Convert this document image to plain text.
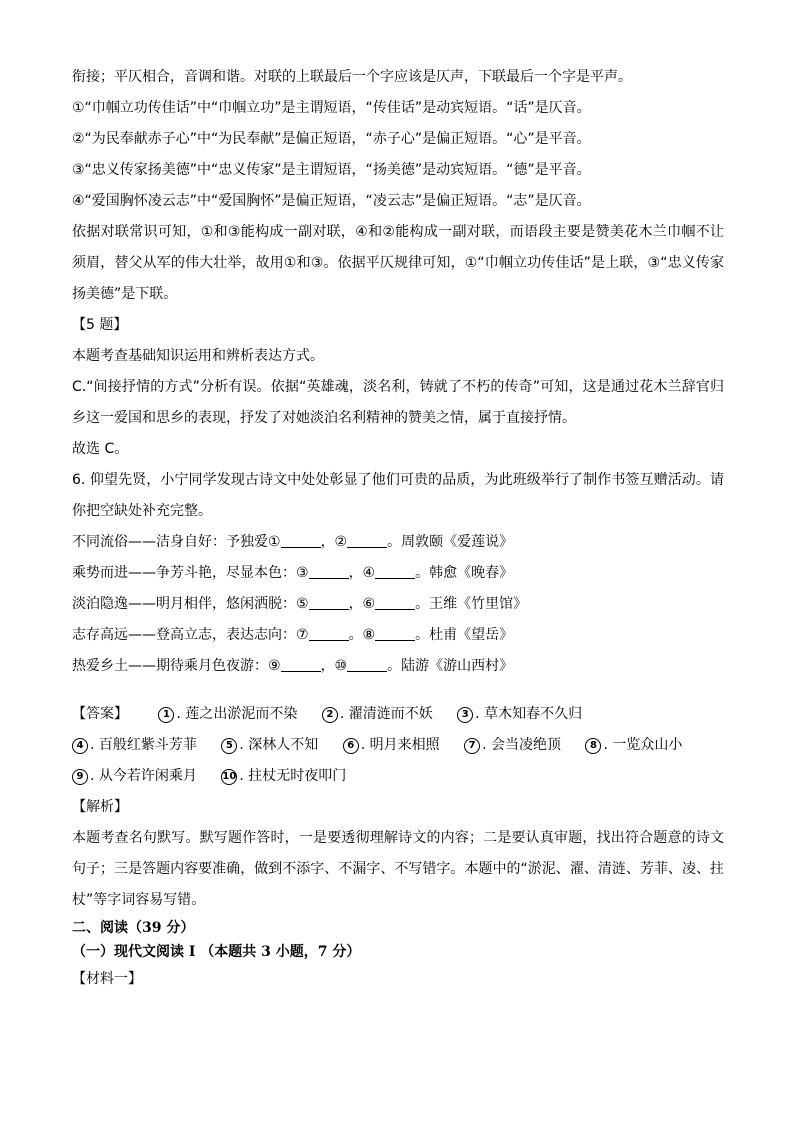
衔接；平仄相合，音调和谐。对联的上联最后一个字应该是仄声，下联最后一个字是平声。
①“巾帼立功传佳话”中“巾帼立功”是主谓短语，“传佳话”是动宾短语。“话”是仄音。
②“为民奉献赤子心”中“为民奉献”是偏正短语，“赤子心”是偏正短语。“心”是平音。
③“忠义传家扬美德”中“忠义传家”是主谓短语，“扬美德”是动宾短语。“德”是平音。
④“爱国胸怀凌云志”中“爱国胸怀”是偏正短语，“凌云志”是偏正短语。“志”是仄音。
依据对联常识可知，①和③能构成一副对联，④和②能构成一副对联，而语段主要是赞美花木兰巾帼不让须眉，替父从军的伟大壮举，故用①和③。依据平仄规律可知，①“巾帼立功传佳话”是上联，③“忠义传家扬美德”是下联。
【5 题】
本题考查基础知识运用和辨析表达方式。
C.“间接抒情的方式”分析有误。依据“英雄魂，淡名利，铸就了不朽的传奇”可知，这是通过花木兰辞官归乡这一爱国和思乡的表现，抒发了对她淡泊名利精神的赞美之情，属于直接抒情。
故选 C。
6. 仰望先贤，小宁同学发现古诗文中处处彰显了他们可贵的品质，为此班级举行了制作书签互赠活动。请你把空缺处补充完整。
不同流俗——洁身自好：予独爱①	，②	。周敦颐《爱莲说》
乘势而进——争芳斗艳，尽显本色：③	，④	。韩愈《晚春》
淡泊隐逸——明月相伴，悠闲洒脱：⑤	，⑥	。王维《竹里馆》
志存高远——登高立志，表达志向：⑦	。⑧	。杜甫《望岳》
热爱乡土——期待乘月色夜游：⑨	，⑩	。陆游《游山西村》
【答案】	1 . 莲之出淤泥而不染	2 . 濯清涟而不妖	3 . 草木知春不久归 4 . 百般红紫斗芳菲	5 . 深林人不知	6 . 明月来相照	7 . 会当凌绝顶	8 . 一览众山小 9 . 从今若许闲乘月	10 . 拄杖无时夜叩门
【解析】
本题考查名句默写。默写题作答时，一是要透彻理解诗文的内容；二是要认真审题，找出符合题意的诗文句子；三是答题内容要准确，做到不添字、不漏字、不写错字。本题中的“淤泥、濯、清涟、芳菲、凌、拄杖”等字词容易写错。
二、阅读（39 分）
（一）现代文阅读 I （本题共 3 小题，7 分）
【材料一】
